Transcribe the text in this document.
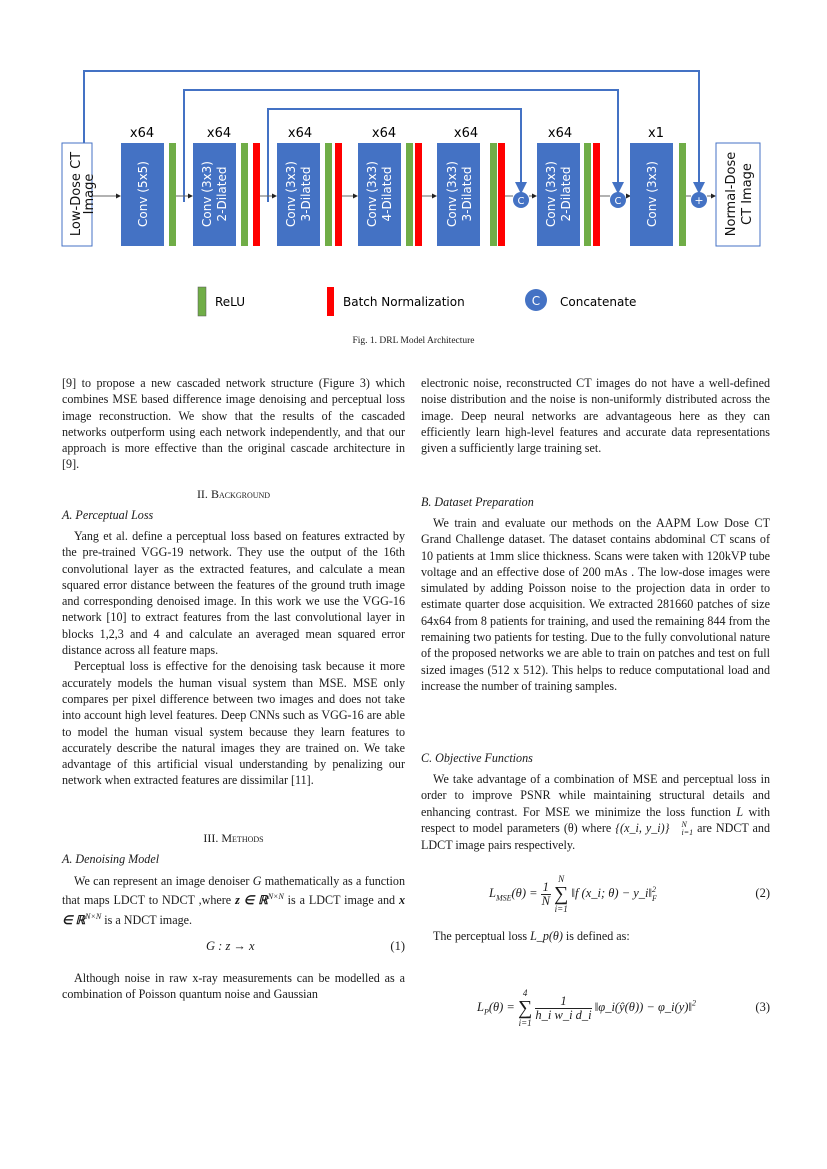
Low-Dose CT
Image
x64
Conv (5x5)
x64
Conv (3x3) 2-Dilated
x64
Conv (3x3) 3-Dilated
x64
Conv (3x3) 4-Dilated
x64
Conv (3x3) 3-Dilated	C
x64
Conv (3x3) 2-Dilated	C
x1
Conv (3x3)	+ Normal-Dose CT Image
ReLU	Batch Normalization	C Concatenate
Fig. 1. DRL Model Architecture

[9] to propose a new cascaded network structure (Figure 3) which combines MSE based difference image denoising and perceptual loss image reconstruction. We show that the results of the cascaded networks outperform using each network independently, and that our approach is more effective than the original cascade architecture in [9].

II. Background
A. Perceptual Loss

Yang et al. define a perceptual loss based on features extracted by the pre-trained VGG-19 network. They use the output of the 16th convolutional layer as the extracted features, and calculate a mean squared error distance between the features of the ground truth image and corresponding denoised image. In this work we use the VGG-16 network [10] to extract features from the last convolutional layer in blocks 1,2,3 and 4 and calculate an averaged mean squared error distance across all feature maps.

Perceptual loss is effective for the denoising task because it more accurately models the human visual system than MSE. MSE only compares per pixel difference between two images and does not take into account high level features. Deep CNNs such as VGG-16 are able to model the human visual system because they learn features to accurately describe the natural images they are trained on. We take advantage of this artificial visual understanding by penalizing our network when extracted features are dissimilar [11].

III. Methods
A. Denoising Model

We can represent an image denoiser G mathematically as a function that maps LDCT to NDCT ,where z ∈ ℝ$^{N\times N}$ is a LDCT image and x ∈ ℝ$^{N\times N}$ is a NDCT image.

G : z → x	(1)

Although noise in raw x-ray measurements can be modelled as a combination of Poisson quantum noise and Gaussian

electronic noise, reconstructed CT images do not have a well-defined noise distribution and the noise is non-uniformly distributed across the image. Deep neural networks are advantageous here as they can efficiently learn high-level features and accurate data representations given a sufficiently large training set.

B. Dataset Preparation

We train and evaluate our methods on the AAPM Low Dose CT Grand Challenge dataset. The dataset contains abdominal CT scans of 10 patients at 1mm slice thickness. Scans were taken with 120kVP tube voltage and an effective dose of 200 mAs . The low-dose images were simulated by adding Poisson noise to the projection data in order to estimate quarter dose acquisition. We extracted 281660 patches of size 64x64 from 8 patients for training, and used the remaining 844 from the remaining two patients for testing. Due to the fully convolutional nature of the proposed networks we are able to train on patches and test on full sized images (512 x 512). This helps to reduce computational load and increase the number of training samples.

C. Objective Functions

We take advantage of a combination of MSE and perceptual loss in order to improve PSNR while maintaining structural details and enhancing contrast. For MSE we minimize the loss function L with respect to model parameters (θ) where {(x_i, y_i)}	N
i=1 are NDCT and LDCT image pairs respectively.

$L_{MSE}(\theta) = \frac{1}{N}$
N
∑
i=1 ‖f (x_i; θ) − y_i‖ 2
F	(2)

The perceptual loss L_p(θ) is defined as:

$L_P(\theta) = 4$
∑
i=1
$\frac{1}{\text{h\_i w\_i d\_i}}$ ‖φ_i(ŷ(θ)) − φ_i(y)‖$^2$	(3)
